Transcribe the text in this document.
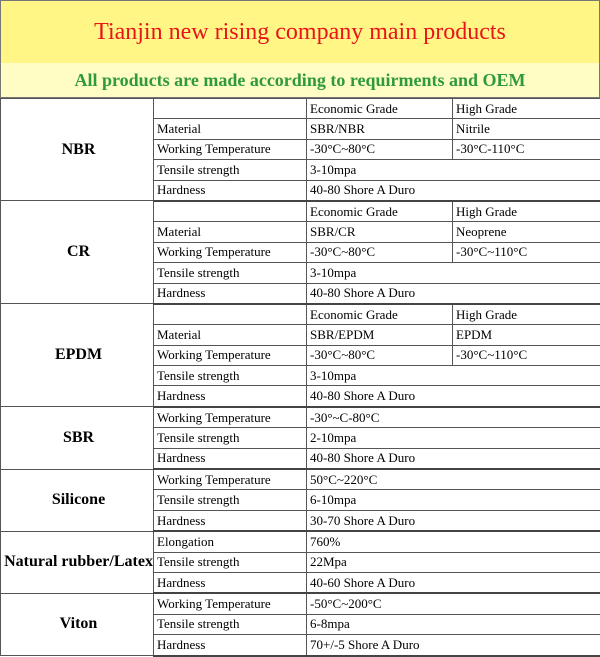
Tianjin new rising company main products
All products are made according to requirments and OEM
NBR		Economic Grade	High Grade
	Material	SBR/NBR	Nitrile
	Working Temperature	-30°C~80°C	-30°C-110°C
	Tensile strength	3-10mpa	
	Hardness	40-80 Shore A Duro	
CR		Economic Grade	High Grade
	Material	SBR/CR	Neoprene
	Working Temperature	-30°C~80°C	-30°C~110°C
	Tensile strength	3-10mpa	
	Hardness	40-80 Shore A Duro	
EPDM		Economic Grade	High Grade
	Material	SBR/EPDM	EPDM
	Working Temperature	-30°C~80°C	-30°C~110°C
	Tensile strength	3-10mpa	
	Hardness	40-80 Shore A Duro	
SBR	Working Temperature	-30°~C-80°C	
	Tensile strength	2-10mpa	
	Hardness	40-80 Shore A Duro	
Silicone	Working Temperature	50°C~220°C	
	Tensile strength	6-10mpa	
	Hardness	30-70 Shore A Duro	
Natural rubber/Latex	Elongation	760%	
	Tensile strength	22Mpa	
	Hardness	40-60 Shore A Duro	
Viton	Working Temperature	-50°C~200°C	
	Tensile strength	6-8mpa	
	Hardness	70+/-5 Shore A Duro	
